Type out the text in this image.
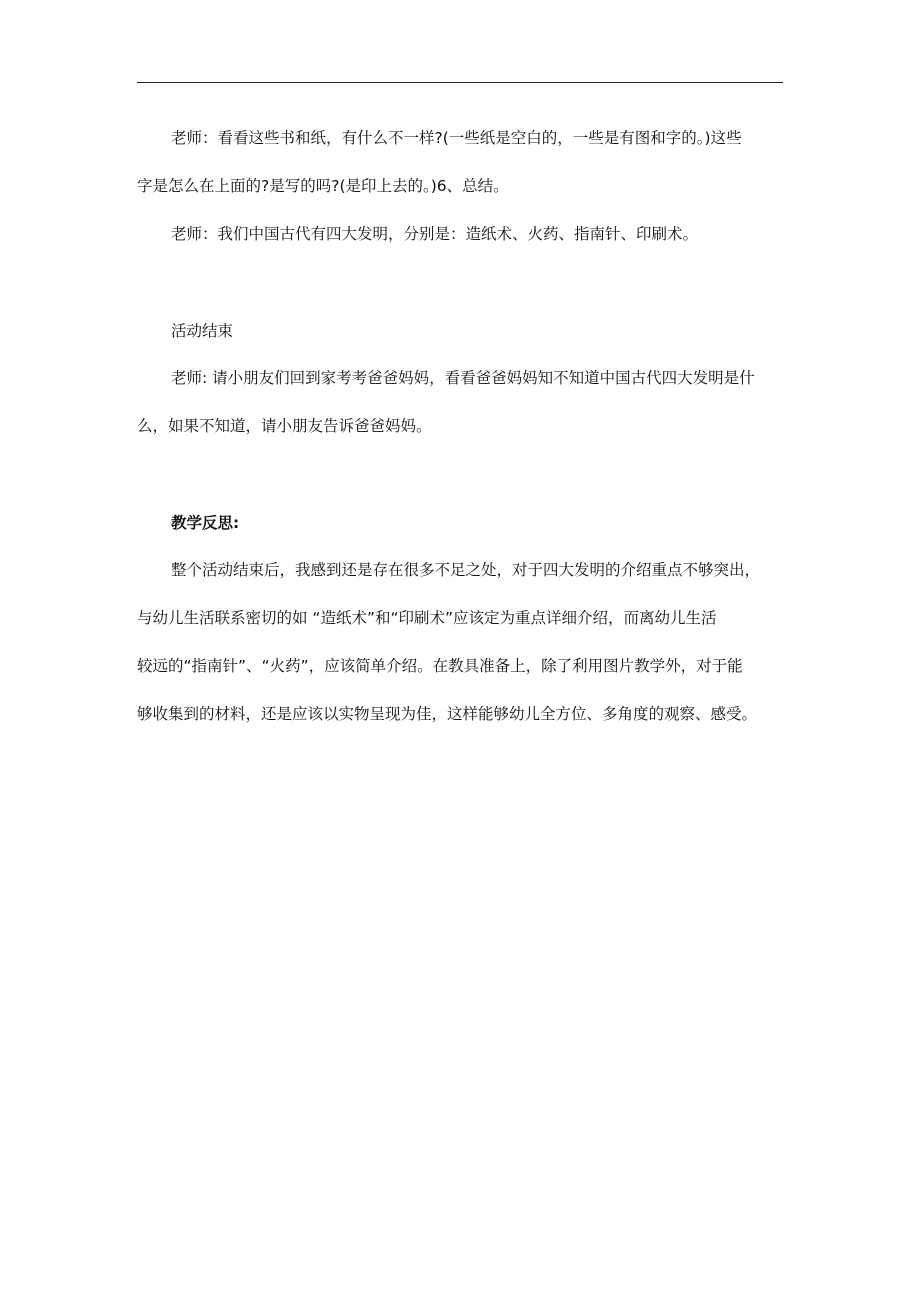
老师：看看这些书和纸，有什么不一样?(一些纸是空白的，一些是有图和字的。)这些
字是怎么在上面的?是写的吗?(是印上去的。)6、总结。
老师：我们中国古代有四大发明，分别是：造纸术、火药、指南针、印刷术。
活动结束
老师: 请小朋友们回到家考考爸爸妈妈，看看爸爸妈妈知不知道中国古代四大发明是什
么，如果不知道，请小朋友告诉爸爸妈妈。
教学反思:
整个活动结束后，我感到还是存在很多不足之处，对于四大发明的介绍重点不够突出，
与幼儿生活联系密切的如 “造纸术”和“印刷术”应该定为重点详细介绍，而离幼儿生活
较远的“指南针”、“火药”，应该简单介绍。在教具准备上，除了利用图片教学外，对于能
够收集到的材料，还是应该以实物呈现为佳，这样能够幼儿全方位、多角度的观察、感受。
